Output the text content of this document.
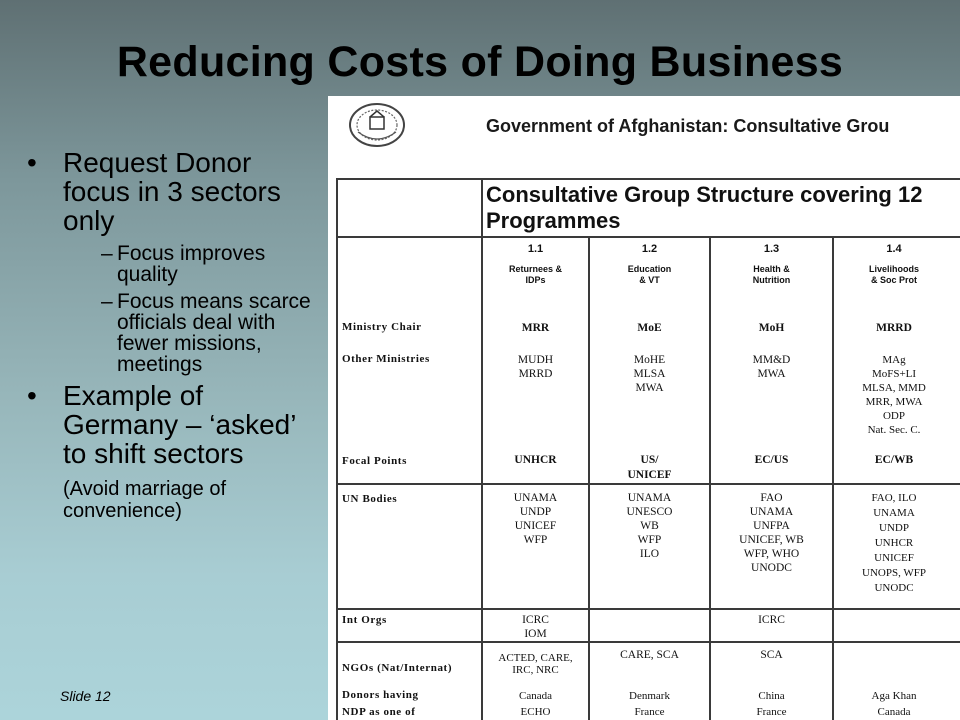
Reducing Costs of Doing Business
• Request Donor focus in 3 sectors only
– Focus improves quality
– Focus means scarce officials deal with fewer missions, meetings
• Example of Germany – ‘asked’ to shift sectors
(Avoid marriage of convenience)
Slide 12
Government of Afghanistan: Consultative Grou
Consultative Group Structure covering 12
Programmes
Ministry Chair
Other Ministries
Focal Points
UN Bodies
Int Orgs
NGOs (Nat/Internat)
Donors having
NDP as one of
1.1
Returnees &
IDPs
MRR
MUDH
MRRD
UNHCR
UNAMA
UNDP
UNICEF
WFP
ICRC
IOM
ACTED, CARE,
IRC, NRC
Canada
ECHO
1.2
Education
& VT
MoE
MoHE
MLSA
MWA
US/
UNICEF
UNAMA
UNESCO
WB
WFP
ILO
CARE, SCA
Denmark
France
1.3
Health &
Nutrition
MoH
MM&D
MWA
EC/US
FAO
UNAMA
UNFPA
UNICEF, WB
WFP, WHO
UNODC
ICRC
SCA
China
France
1.4
Livelihoods
& Soc Prot
MRRD
MAg
MoFS+LI
MLSA, MMD
MRR, MWA
ODP
Nat. Sec. C.
EC/WB
FAO, ILO
UNAMA
UNDP
UNHCR
UNICEF
UNOPS, WFP
UNODC
Aga Khan
Canada
